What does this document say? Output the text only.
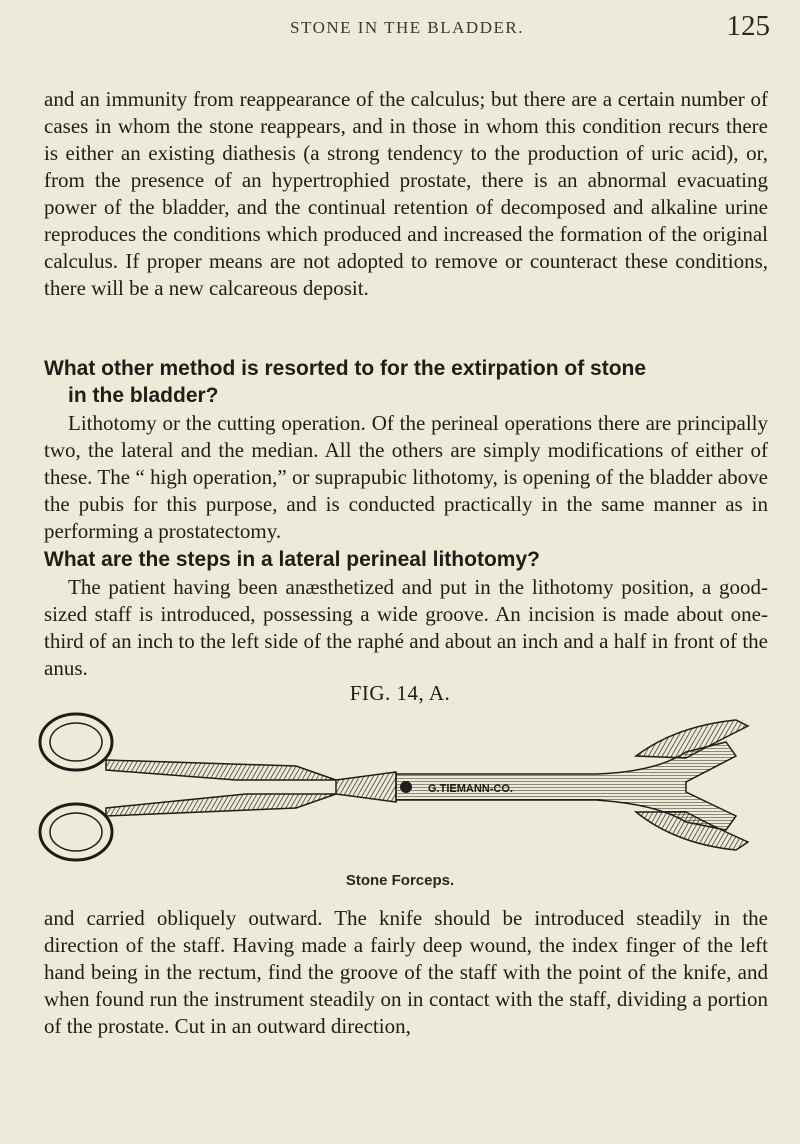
STONE IN THE BLADDER.	125

and an immunity from reappearance of the calculus; but there are a certain number of cases in whom the stone reappears, and in those in whom this condition recurs there is either an existing diathesis (a strong tendency to the production of uric acid), or, from the presence of an hypertrophied prostate, there is an abnormal evacuating power of the bladder, and the continual retention of decomposed and alkaline urine reproduces the conditions which produced and increased the formation of the original calculus. If proper means are not adopted to remove or counteract these conditions, there will be a new calcareous deposit.

What other method is resorted to for the extirpation of stone
in the bladder?

Lithotomy or the cutting operation. Of the perineal operations there are principally two, the lateral and the median. All the others are simply modifications of either of these. The “ high operation,” or suprapubic lithotomy, is opening of the bladder above the pubis for this purpose, and is conducted practically in the same manner as in performing a prostatectomy.

What are the steps in a lateral perineal lithotomy?

The patient having been anæsthetized and put in the lithotomy position, a good-sized staff is introduced, possessing a wide groove. An incision is made about one-third of an inch to the left side of the raphé and about an inch and a half in front of the anus.

FIG. 14, A.
G.TIEMANN-CO.
Stone Forceps.

and carried obliquely outward. The knife should be introduced steadily in the direction of the staff. Having made a fairly deep wound, the index finger of the left hand being in the rectum, find the groove of the staff with the point of the knife, and when found run the instrument steadily on in contact with the staff, dividing a portion of the prostate. Cut in an outward direction,
